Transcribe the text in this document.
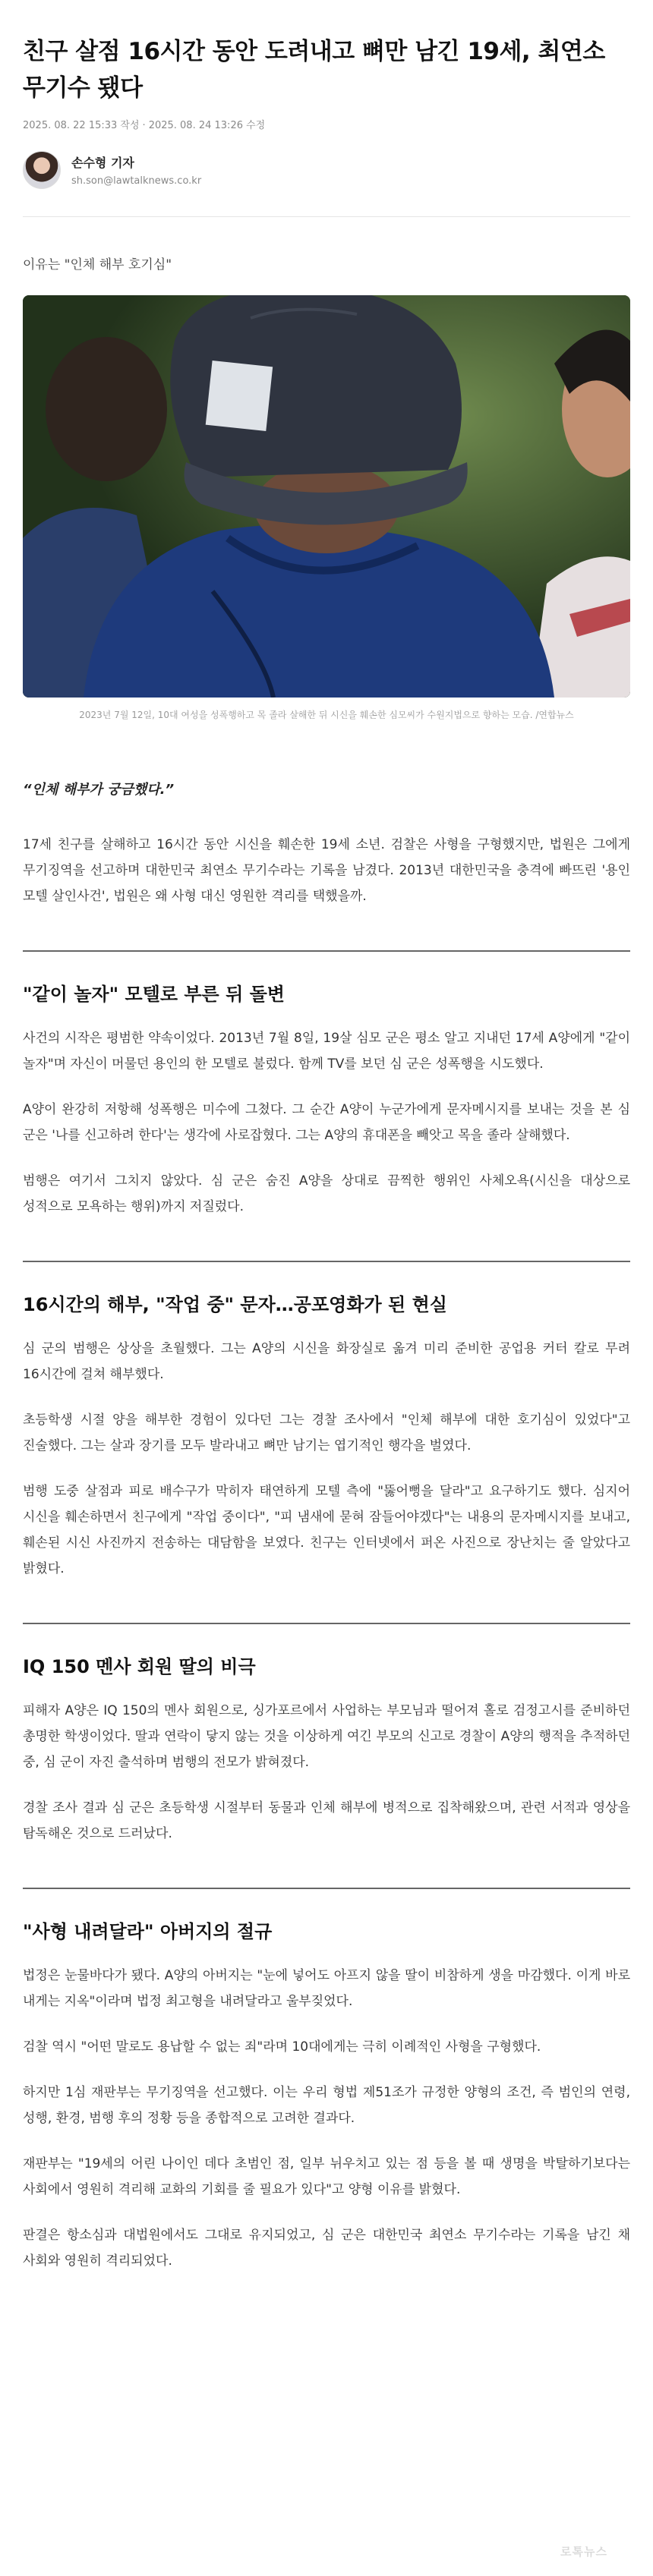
친구 살점 16시간 동안 도려내고 뼈만 남긴 19세, 최연소 무기수 됐다
2025. 08. 22 15:33 작성 · 2025. 08. 24 13:26 수정
손수형 기자
sh.son@lawtalknews.co.kr
이유는 "인체 해부 호기심"
2023년 7월 12일, 10대 여성을 성폭행하고 목 졸라 살해한 뒤 시신을 훼손한 심모씨가 수원지법으로 향하는 모습. /연합뉴스
“인체 해부가 궁금했다.”

17세 친구를 살해하고 16시간 동안 시신을 훼손한 19세 소년. 검찰은 사형을 구형했지만, 법원은 그에게 무기징역을 선고하며 대한민국 최연소 무기수라는 기록을 남겼다. 2013년 대한민국을 충격에 빠뜨린 '용인 모텔 살인사건', 법원은 왜 사형 대신 영원한 격리를 택했을까.

"같이 놀자" 모텔로 부른 뒤 돌변

사건의 시작은 평범한 약속이었다. 2013년 7월 8일, 19살 심모 군은 평소 알고 지내던 17세 A양에게 "같이 놀자"며 자신이 머물던 용인의 한 모텔로 불렀다. 함께 TV를 보던 심 군은 성폭행을 시도했다.

A양이 완강히 저항해 성폭행은 미수에 그쳤다. 그 순간 A양이 누군가에게 문자메시지를 보내는 것을 본 심 군은 '나를 신고하려 한다'는 생각에 사로잡혔다. 그는 A양의 휴대폰을 빼앗고 목을 졸라 살해했다.

범행은 여기서 그치지 않았다. 심 군은 숨진 A양을 상대로 끔찍한 행위인 사체오욕(시신을 대상으로 성적으로 모욕하는 행위)까지 저질렀다.

16시간의 해부, "작업 중" 문자…공포영화가 된 현실

심 군의 범행은 상상을 초월했다. 그는 A양의 시신을 화장실로 옮겨 미리 준비한 공업용 커터 칼로 무려 16시간에 걸쳐 해부했다.

초등학생 시절 양을 해부한 경험이 있다던 그는 경찰 조사에서 "인체 해부에 대한 호기심이 있었다"고 진술했다. 그는 살과 장기를 모두 발라내고 뼈만 남기는 엽기적인 행각을 벌였다.

범행 도중 살점과 피로 배수구가 막히자 태연하게 모텔 측에 "뚫어뻥을 달라"고 요구하기도 했다. 심지어 시신을 훼손하면서 친구에게 "작업 중이다", "피 냄새에 묻혀 잠들어야겠다"는 내용의 문자메시지를 보내고, 훼손된 시신 사진까지 전송하는 대담함을 보였다. 친구는 인터넷에서 퍼온 사진으로 장난치는 줄 알았다고 밝혔다.

IQ 150 멘사 회원 딸의 비극

피해자 A양은 IQ 150의 멘사 회원으로, 싱가포르에서 사업하는 부모님과 떨어져 홀로 검정고시를 준비하던 총명한 학생이었다. 딸과 연락이 닿지 않는 것을 이상하게 여긴 부모의 신고로 경찰이 A양의 행적을 추적하던 중, 심 군이 자진 출석하며 범행의 전모가 밝혀졌다.

경찰 조사 결과 심 군은 초등학생 시절부터 동물과 인체 해부에 병적으로 집착해왔으며, 관련 서적과 영상을 탐독해온 것으로 드러났다.

"사형 내려달라" 아버지의 절규

법정은 눈물바다가 됐다. A양의 아버지는 "눈에 넣어도 아프지 않을 딸이 비참하게 생을 마감했다. 이게 바로 내게는 지옥"이라며 법정 최고형을 내려달라고 울부짖었다.

검찰 역시 "어떤 말로도 용납할 수 없는 죄"라며 10대에게는 극히 이례적인 사형을 구형했다.

하지만 1심 재판부는 무기징역을 선고했다. 이는 우리 형법 제51조가 규정한 양형의 조건, 즉 범인의 연령, 성행, 환경, 범행 후의 정황 등을 종합적으로 고려한 결과다.

재판부는 "19세의 어린 나이인 데다 초범인 점, 일부 뉘우치고 있는 점 등을 볼 때 생명을 박탈하기보다는 사회에서 영원히 격리해 교화의 기회를 줄 필요가 있다"고 양형 이유를 밝혔다.

판결은 항소심과 대법원에서도 그대로 유지되었고, 심 군은 대한민국 최연소 무기수라는 기록을 남긴 채 사회와 영원히 격리되었다.

로톡뉴스
